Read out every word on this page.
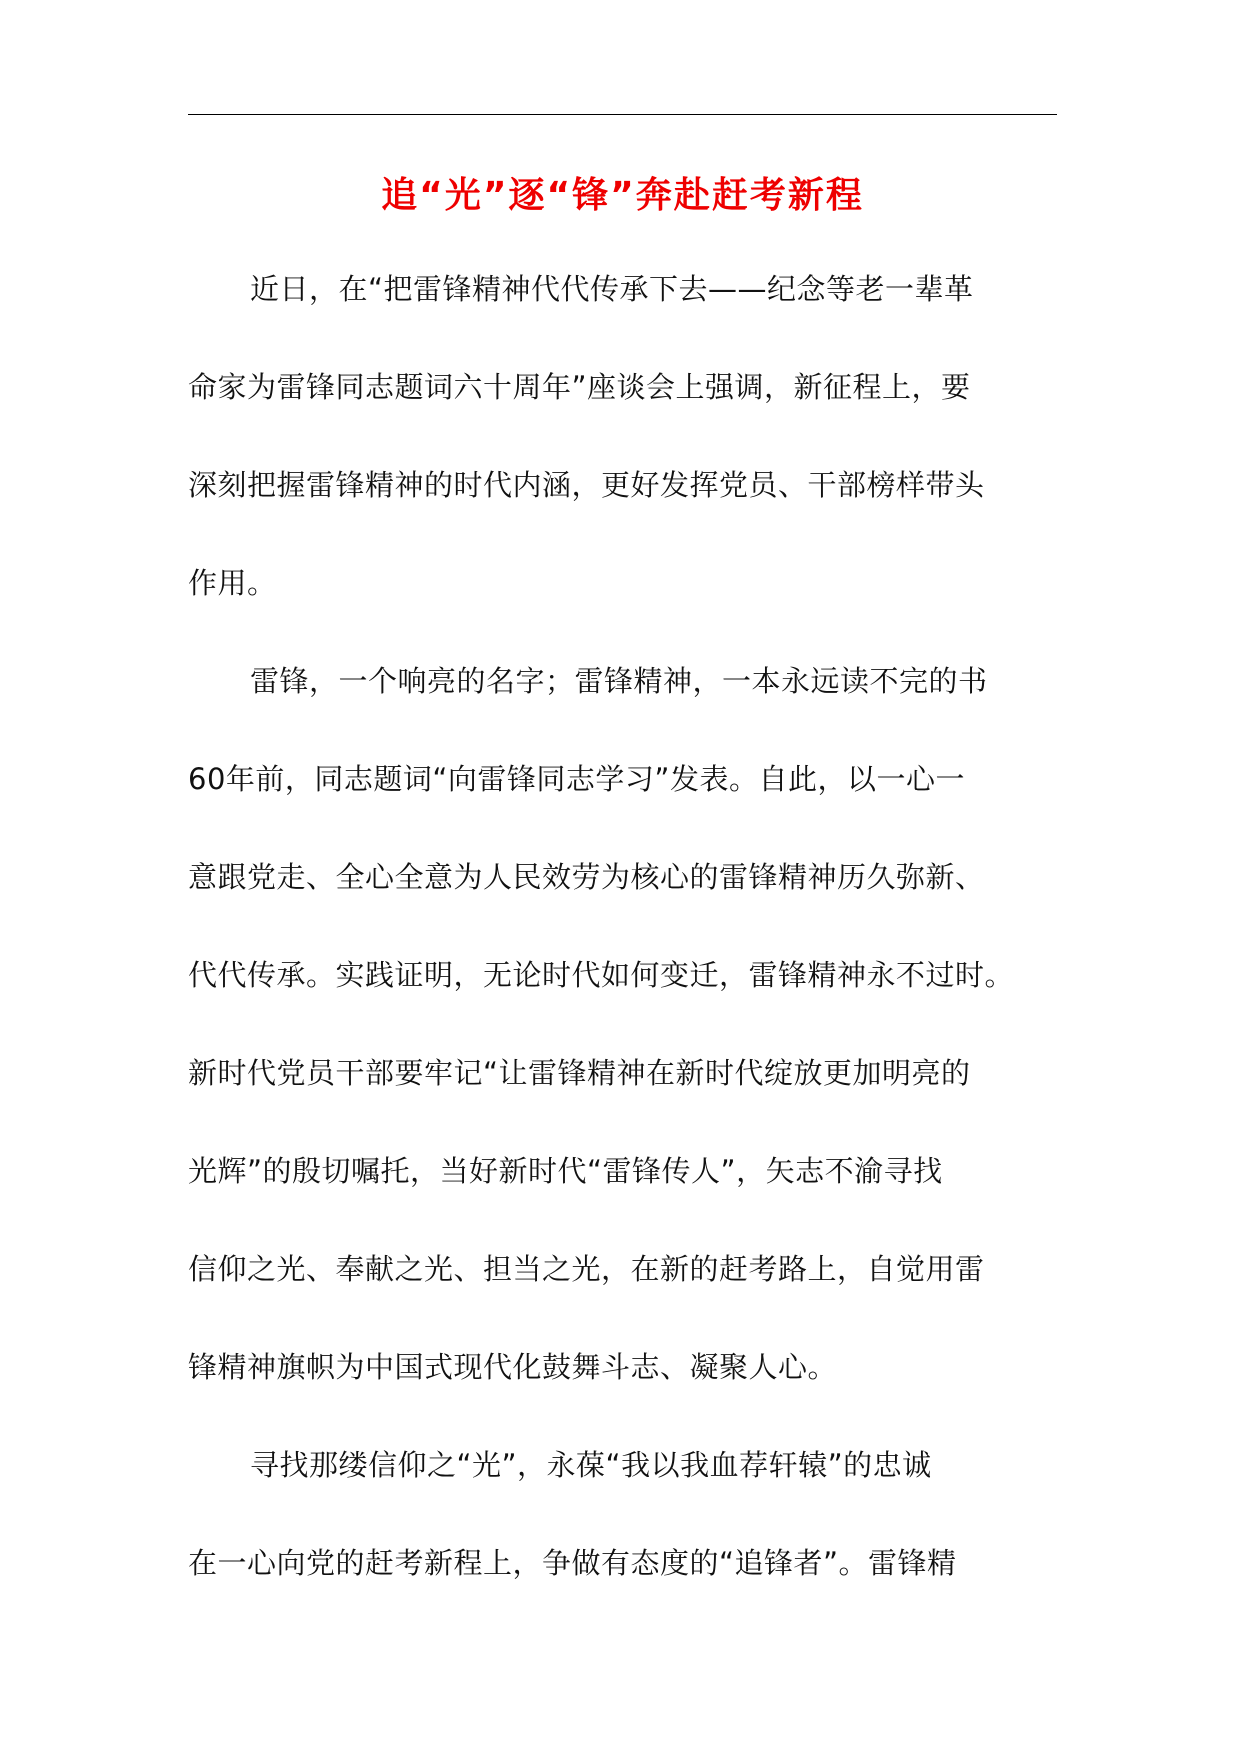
追“光”逐“锋”奔赴赶考新程
近日，在“把雷锋精神代代传承下去——纪念等老一辈革
命家为雷锋同志题词六十周年”座谈会上强调，新征程上，要
深刻把握雷锋精神的时代内涵，更好发挥党员、干部榜样带头
作用。
雷锋，一个响亮的名字；雷锋精神，一本永远读不完的书
60年前，同志题词“向雷锋同志学习”发表。自此，以一心一
意跟党走、全心全意为人民效劳为核心的雷锋精神历久弥新、
代代传承。实践证明，无论时代如何变迁，雷锋精神永不过时。
新时代党员干部要牢记“让雷锋精神在新时代绽放更加明亮的
光辉”的殷切嘱托，当好新时代“雷锋传人”，矢志不渝寻找
信仰之光、奉献之光、担当之光，在新的赶考路上，自觉用雷
锋精神旗帜为中国式现代化鼓舞斗志、凝聚人心。
寻找那缕信仰之“光”，永葆“我以我血荐轩辕”的忠诚
在一心向党的赶考新程上，争做有态度的“追锋者”。雷锋精
